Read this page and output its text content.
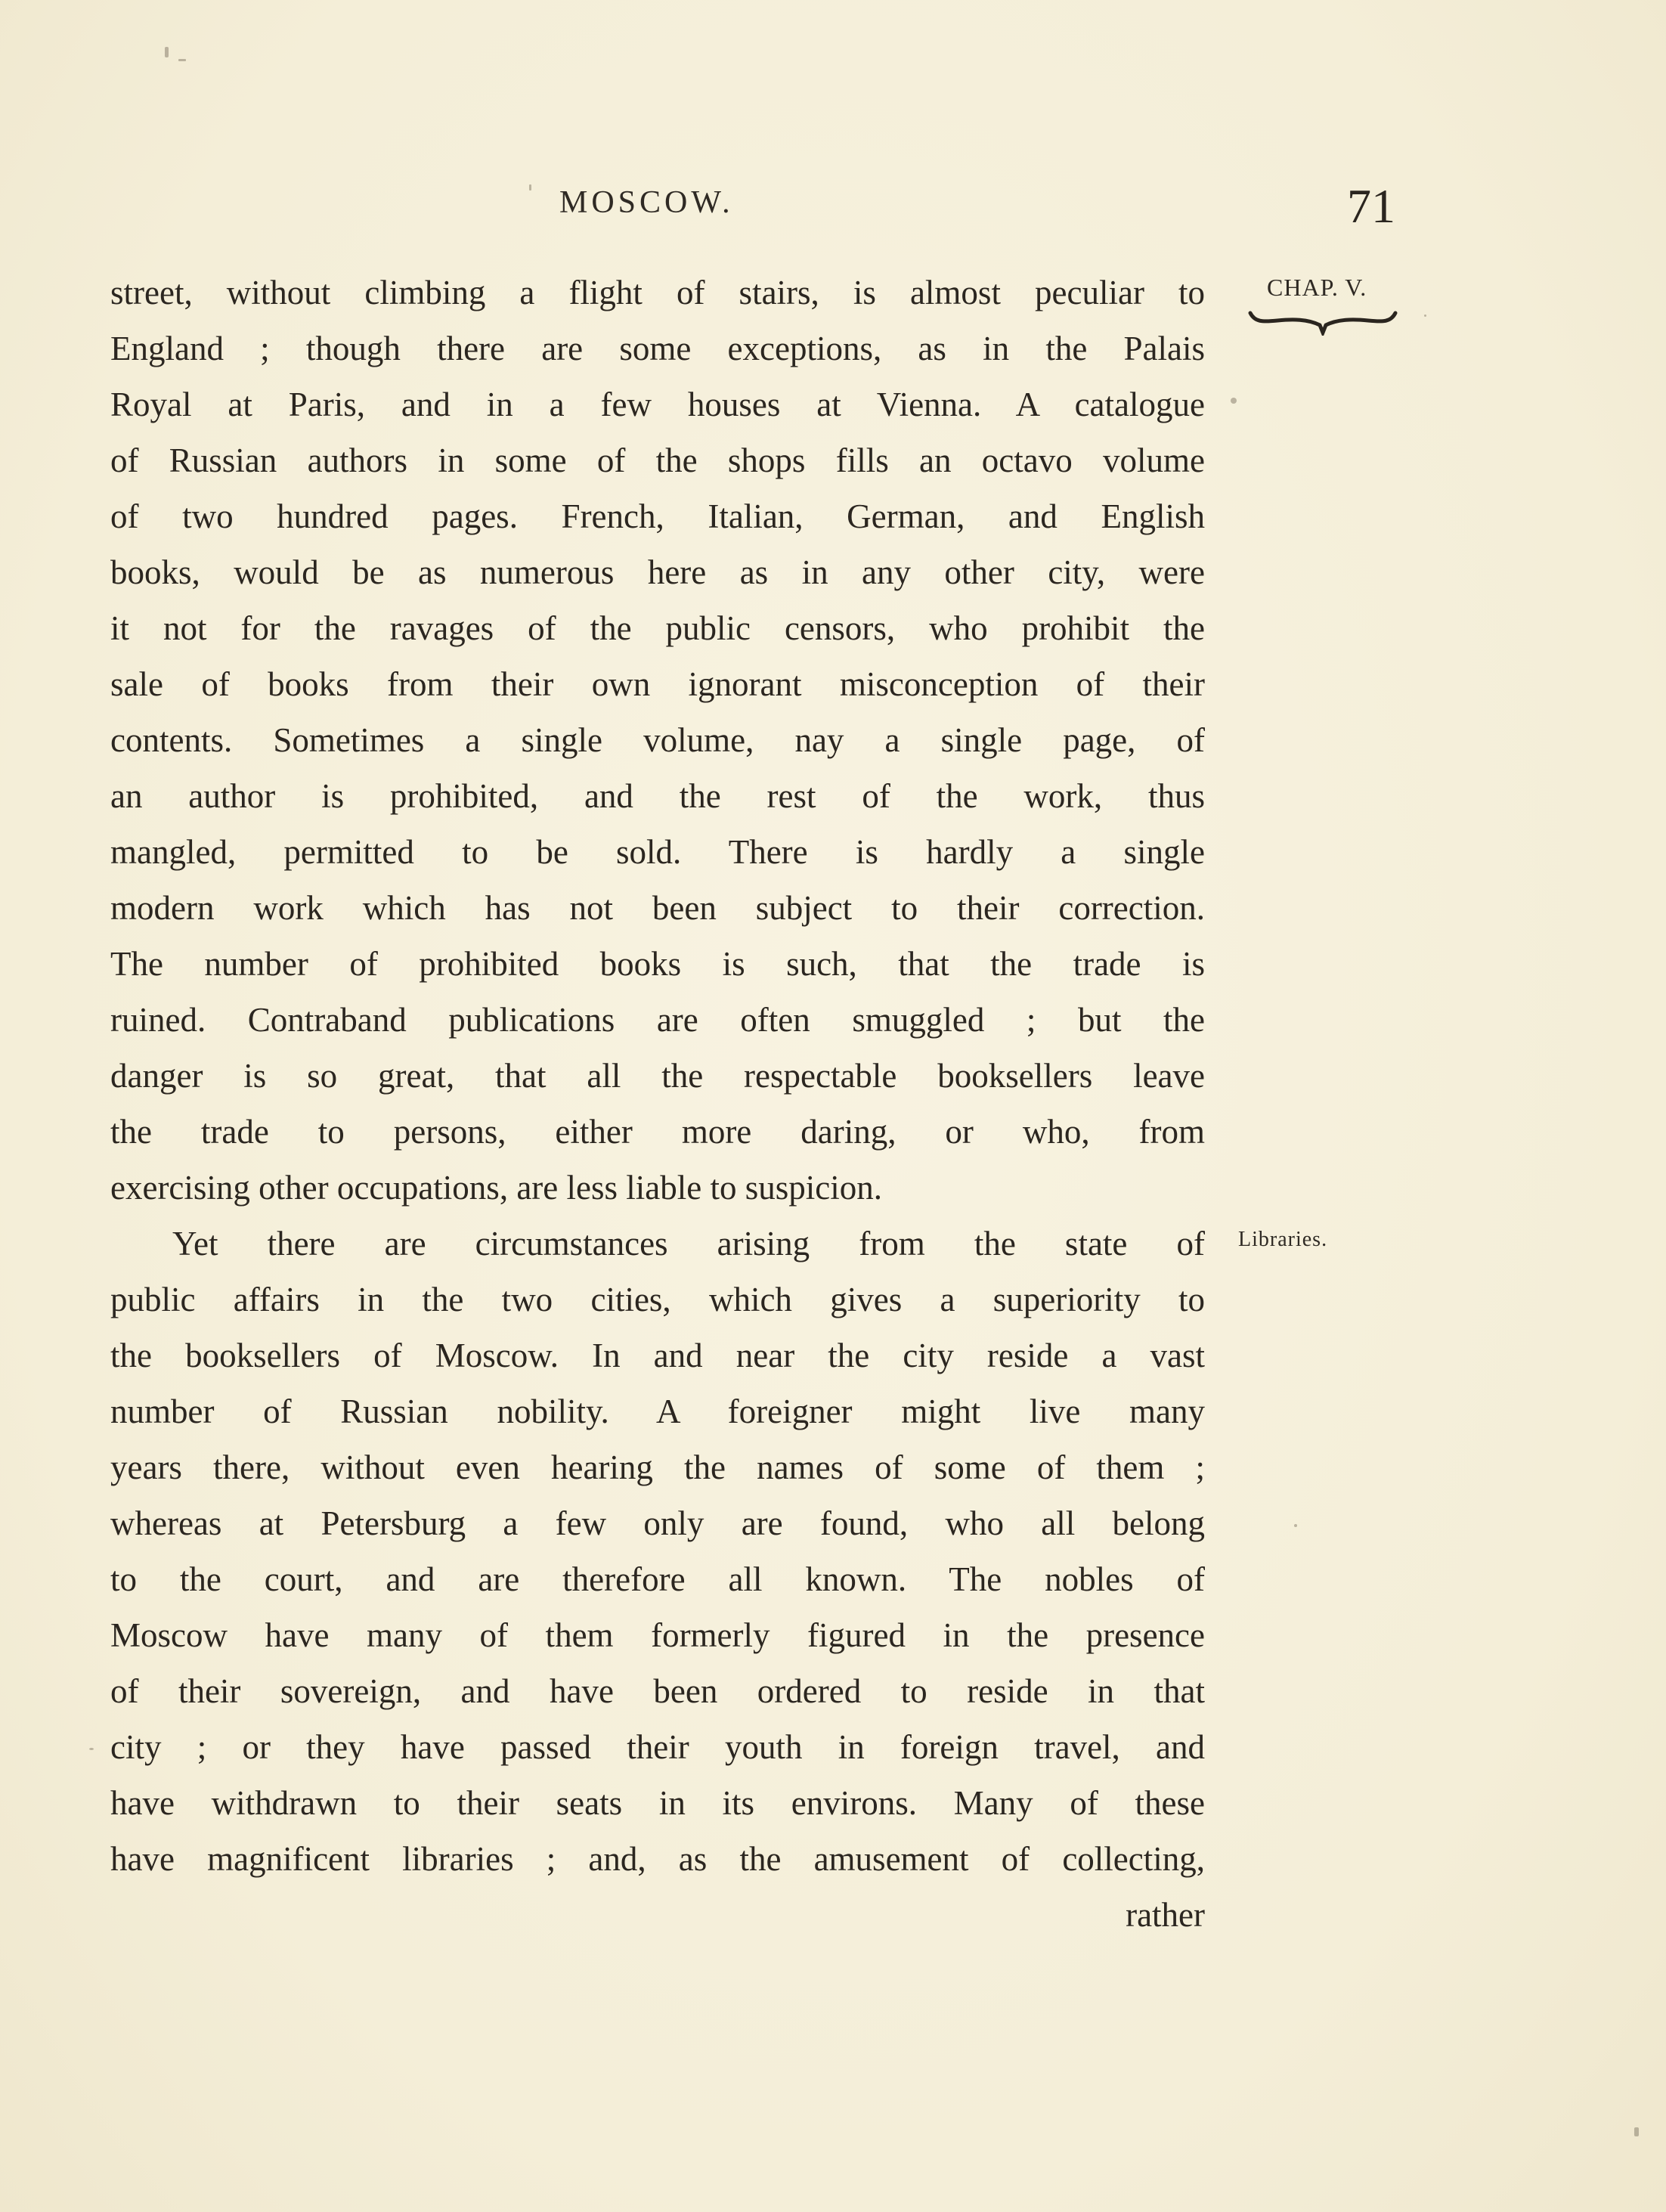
MOSCOW.	71
CHAP. V.
Libraries.
street, without climbing a flight of stairs, is almost peculiar to
England ; though there are some exceptions, as in the Palais
Royal at Paris, and in a few houses at Vienna. A catalogue
of Russian authors in some of the shops fills an octavo volume
of two hundred pages. French, Italian, German, and English
books, would be as numerous here as in any other city, were
it not for the ravages of the public censors, who prohibit the
sale of books from their own ignorant misconception of their
contents. Sometimes a single volume, nay a single page, of
an author is prohibited, and the rest of the work, thus
mangled, permitted to be sold. There is hardly a single
modern work which has not been subject to their correction.
The number of prohibited books is such, that the trade is
ruined. Contraband publications are often smuggled ; but the
danger is so great, that all the respectable booksellers leave
the trade to persons, either more daring, or who, from
exercising other occupations, are less liable to suspicion.
Yet there are circumstances arising from the state of
public affairs in the two cities, which gives a superiority to
the booksellers of Moscow. In and near the city reside a vast
number of Russian nobility. A foreigner might live many
years there, without even hearing the names of some of them ;
whereas at Petersburg a few only are found, who all belong
to the court, and are therefore all known. The nobles of
Moscow have many of them formerly figured in the presence
of their sovereign, and have been ordered to reside in that
city ; or they have passed their youth in foreign travel, and
have withdrawn to their seats in its environs. Many of these
have magnificent libraries ; and, as the amusement of collecting,
rather
